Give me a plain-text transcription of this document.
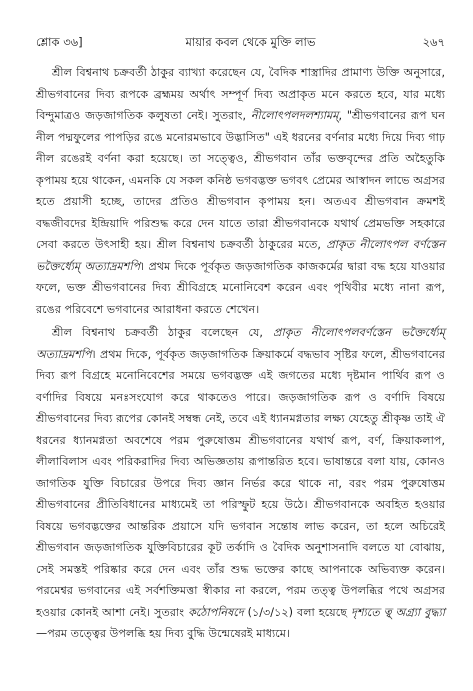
শ্লোক ৩৬]	মায়ার কবল থেকে মুক্তি লাভ	২৬৭

শ্রীল বিশ্বনাথ চক্রবর্তী ঠাকুর ব্যাখ্যা করেছেন যে, বৈদিক শাস্ত্রাদির প্রামাণ্য উক্তি অনুসারে, শ্রীভগবানের দিব্য রূপকে ব্রহ্মময় অর্থাৎ সম্পূর্ণ দিব্য অপ্রাকৃত মনে করতে হবে, যার মধ্যে বিন্দুমাত্রও জড়জাগতিক কলুষতা নেই। সুতরাং, নীলোৎপলদলশ্যামম্, "শ্রীভগবানের রূপ ঘন নীল পদ্মফুলের পাপড়ির রঙে মনোরমভাবে উদ্ভাসিত" এই ধরনের বর্ণনার মধ্যে দিয়ে দিব্য গাঢ় নীল রঙেরই বর্ণনা করা হয়েছে। তা সত্ত্বেও, শ্রীভগবান তাঁর ভক্তবৃন্দের প্রতি অহৈতুকি কৃপাময় হয়ে থাকেন, এমনকি যে সকল কনিষ্ঠ ভগবদ্ভক্ত ভগবৎ প্রেমের আস্বাদন লাভে অগ্রসর হতে প্রয়াসী হচ্ছে, তাদের প্রতিও শ্রীভগবান কৃপাময় হন। অতএব শ্রীভগবান ক্রমশই বদ্ধজীবদের ইন্দ্রিয়াদি পরিশুদ্ধ করে দেন যাতে তারা শ্রীভগবানকে যথার্থ প্রেমভক্তি সহকারে সেবা করতে উৎসাহী হয়। শ্রীল বিশ্বনাথ চক্রবর্তী ঠাকুরের মতে, প্রাকৃত নীলোৎপল বর্ণস্তেন ভক্তৈর্ধ্যেম্ অত্যাদ্রমশপি। প্রথম দিকে পূর্বকৃত জড়জাগতিক কাজকর্মের দ্বারা বদ্ধ হয়ে যাওয়ার ফলে, ভক্ত শ্রীভগবানের দিব্য শ্রীবিগ্রহে মনোনিবেশ করেন এবং পৃথিবীর মধ্যে নানা রূপ, রঙের পরিবেশে ভগবানের আরাধনা করতে শেখেন।

শ্রীল বিশ্বনাথ চক্রবর্তী ঠাকুর বলেছেন যে, প্রাকৃত নীলোৎপলবর্ণস্তেন ভক্তৈর্ধ্যেম্ অত্যাদ্রমশপি। প্রথম দিকে, পূর্বকৃত জড়জাগতিক ক্রিয়াকর্মে বদ্ধভাব সৃষ্টির ফলে, শ্রীভগবানের দিব্য রূপ বিগ্রহে মনোনিবেশের সময়ে ভগবদ্ভক্ত এই জগতের মধ্যে দৃষ্টমান পার্থিব রূপ ও বর্ণাদির বিষয়ে মনঃসংযোগ করে থাকতেও পারে। জড়জাগতিক রূপ ও বর্ণাদি বিষয়ে শ্রীভগবানের দিব্য রূপের কোনই সম্বন্ধ নেই, তবে এই ধ্যানমগ্নতার লক্ষ্য যেহেতু শ্রীকৃষ্ণ তাই ঐ ধরনের ধ্যানমগ্নতা অবশেষে পরম পুরুষোত্তম শ্রীভগবানের যথার্থ রূপ, বর্ণ, ক্রিয়াকলাপ, লীলাবিলাস এবং পরিকরাদির দিব্য অভিজ্ঞতায় রূপান্তরিত হবে। ভাষান্তরে বলা যায়, কোনও জাগতিক যুক্তি বিচারের উপরে দিব্য জ্ঞান নির্ভর করে থাকে না, বরং পরম পুরুষোত্তম শ্রীভগবানের প্রীতিবিধানের মাধ্যমেই তা পরিস্ফুট হয়ে উঠে। শ্রীভগবানকে অবহিত হওয়ার বিষয়ে ভগবদ্ভক্তের আন্তরিক প্রয়াসে যদি ভগবান সন্তোষ লাভ করেন, তা হলে অচিরেই শ্রীভগবান জড়জাগতিক যুক্তিবিচারের কূট তর্কাদি ও বৈদিক অনুশাসনাদি বলতে যা বোঝায়, সেই সমস্তই পরিষ্কার করে দেন এবং তাঁর শুদ্ধ ভক্তের কাছে আপনাকে অভিব্যক্ত করেন। পরমেশ্বর ভগবানের এই সর্বশক্তিমত্তা স্বীকার না করলে, পরম তত্ত্ব উপলব্ধির পথে অগ্রসর হওয়ার কোনই আশা নেই। সুতরাং কঠোপনিষদে (১/৩/১২) বলা হয়েছে দৃশ্যতে ত্ব্ অগ্র্যা বুদ্ধ্যা—পরম তত্ত্বের উপলব্ধি হয় দিব্য বুদ্ধি উন্মেষেরই মাধ্যমে।
